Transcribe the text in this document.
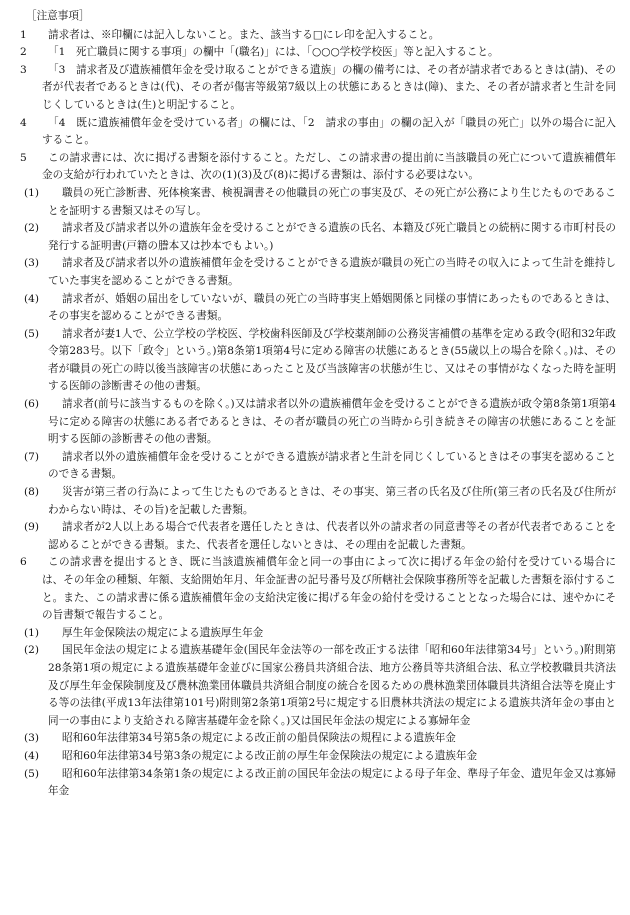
［注意事項］
1	請求者は、※印欄には記入しないこと。また、該当する□にレ印を記入すること。
2	「1　死亡職員に関する事項」の欄中「(職名)」には、「○○○学校学校医」等と記入すること。
3	「3　請求者及び遺族補償年金を受け取ることができる遺族」の欄の備考には、その者が請求者であるときは(請)、その者が代表者であるときは(代)、その者が傷害等級第7級以上の状態にあるときは(障)、また、その者が請求者と生計を同じくしているときは(生)と明記すること。
4	「4　既に遺族補償年金を受けている者」の欄には、「2　請求の事由」の欄の記入が「職員の死亡」以外の場合に記入すること。
5	この請求書には、次に掲げる書類を添付すること。ただし、この請求書の提出前に当該職員の死亡について遺族補償年金の支給が行われていたときは、次の(1)(3)及び(8)に掲げる書類は、添付する必要はない。
(1)	職員の死亡診断書、死体検案書、検視調書その他職員の死亡の事実及び、その死亡が公務により生じたものであることを証明する書類又はその写し。
(2)	請求者及び請求者以外の遺族年金を受けることができる遺族の氏名、本籍及び死亡職員との続柄に関する市町村長の発行する証明書(戸籍の謄本又は抄本でもよい。)
(3)	請求者及び請求者以外の遺族補償年金を受けることができる遺族が職員の死亡の当時その収入によって生計を維持していた事実を認めることができる書類。
(4)	請求者が、婚姻の届出をしていないが、職員の死亡の当時事実上婚姻関係と同様の事情にあったものであるときは、その事実を認めることができる書類。
(5)	請求者が妻1人で、公立学校の学校医、学校歯科医師及び学校薬剤師の公務災害補償の基準を定める政令(昭和32年政令第283号。以下「政令」という。)第8条第1項第4号に定める障害の状態にあるとき(55歳以上の場合を除く。)は、その者が職員の死亡の時以後当該障害の状態にあったこと及び当該障害の状態が生じ、又はその事情がなくなった時を証明する医師の診断書その他の書類。
(6)	請求者(前号に該当するものを除く。)又は請求者以外の遺族補償年金を受けることができる遺族が政令第8条第1項第4号に定める障害の状態にある者であるときは、その者が職員の死亡の当時から引き続きその障害の状態にあることを証明する医師の診断書その他の書類。
(7)	請求者以外の遺族補償年金を受けることができる遺族が請求者と生計を同じくしているときはその事実を認めることのできる書類。
(8)	災害が第三者の行為によって生じたものであるときは、その事実、第三者の氏名及び住所(第三者の氏名及び住所がわからない時は、その旨)を記載した書類。
(9)	請求者が2人以上ある場合で代表者を選任したときは、代表者以外の請求者の同意書等その者が代表者であることを認めることができる書類。また、代表者を選任しないときは、その理由を記載した書類。
6	この請求書を提出するとき、既に当該遺族補償年金と同一の事由によって次に掲げる年金の給付を受けている場合には、その年金の種類、年額、支給開始年月、年金証書の記号番号及び所轄社会保険事務所等を記載した書類を添付すること。また、この請求書に係る遺族補償年金の支給決定後に掲げる年金の給付を受けることとなった場合には、速やかにその旨書類で報告すること。
(1)	厚生年金保険法の規定による遺族厚生年金
(2)	国民年金法の規定による遺族基礎年金(国民年金法等の一部を改正する法律「昭和60年法律第34号」という。)附則第28条第1項の規定による遺族基礎年金並びに国家公務員共済組合法、地方公務員等共済組合法、私立学校教職員共済法及び厚生年金保険制度及び農林漁業団体職員共済組合制度の統合を図るための農林漁業団体職員共済組合法等を廃止する等の法律(平成13年法律第101号)附則第2条第1項第2号に規定する旧農林共済法の規定による遺族共済年金の事由と同一の事由により支給される障害基礎年金を除く。)又は国民年金法の規定による寡婦年金
(3)	昭和60年法律第34号第5条の規定による改正前の船員保険法の規程による遺族年金
(4)	昭和60年法律第34号第3条の規定による改正前の厚生年金保険法の規定による遺族年金
(5)	昭和60年法律第34条第1条の規定による改正前の国民年金法の規定による母子年金、準母子年金、遺児年金又は寡婦年金
